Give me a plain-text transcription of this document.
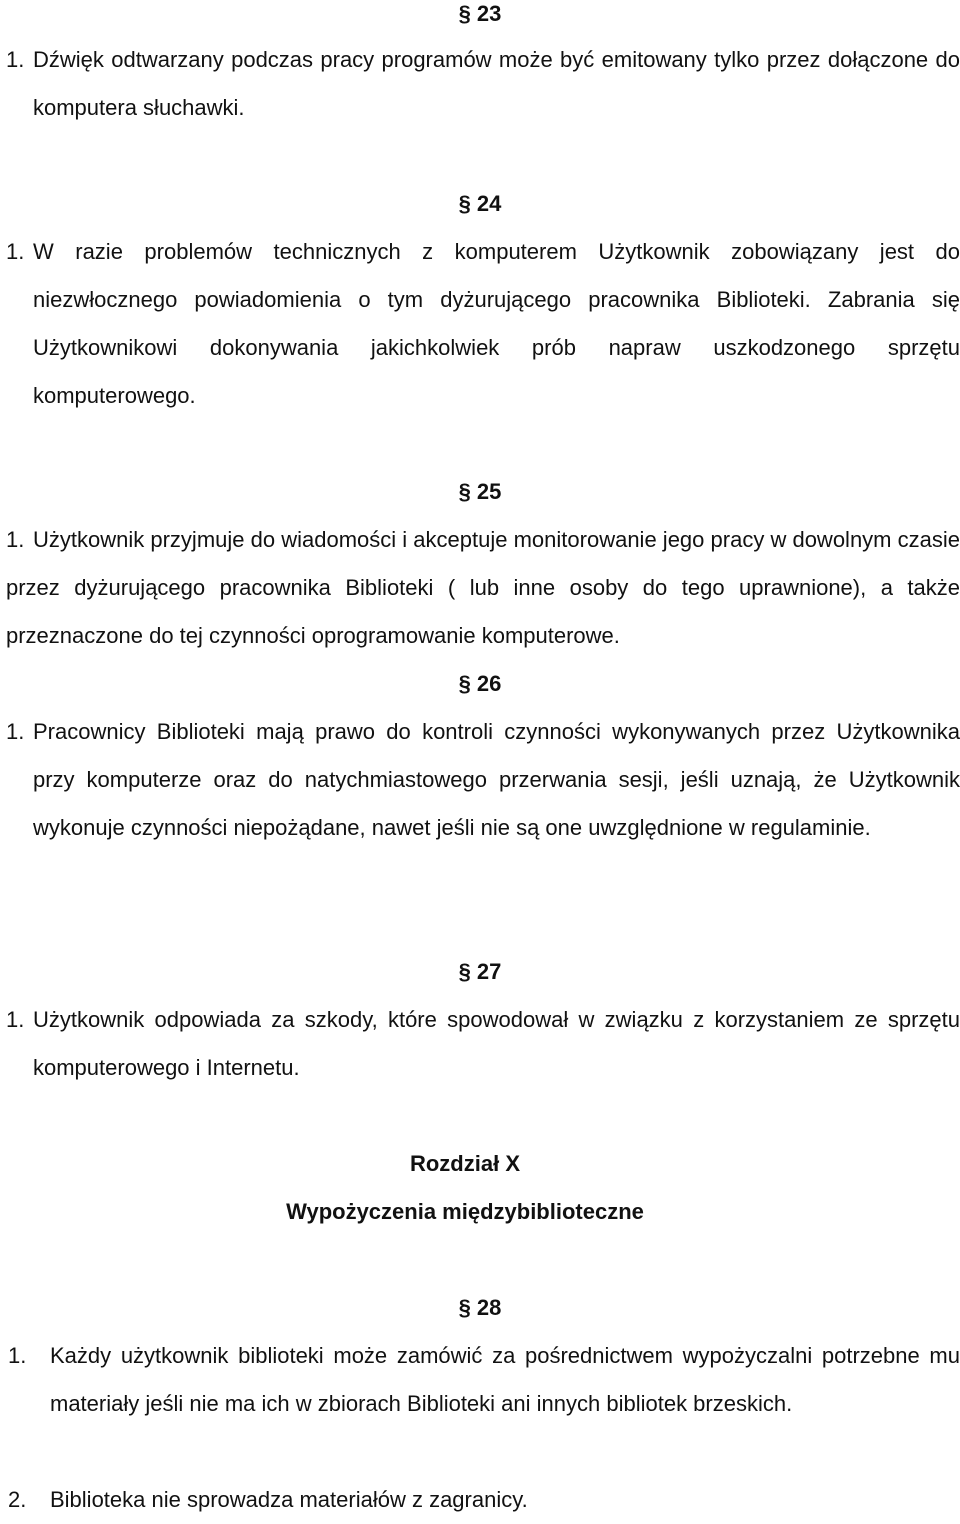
§ 23
1. Dźwięk odtwarzany podczas pracy programów może być emitowany tylko przez dołączone do komputera słuchawki.
§ 24
1. W razie problemów technicznych z komputerem Użytkownik zobowiązany jest do niezwłocznego powiadomienia o tym dyżurującego pracownika Biblioteki. Zabrania się Użytkownikowi dokonywania jakichkolwiek prób napraw uszkodzonego sprzętu komputerowego.
§ 25
1. Użytkownik przyjmuje do wiadomości i akceptuje monitorowanie jego pracy w dowolnym czasie przez dyżurującego pracownika Biblioteki ( lub inne osoby do tego uprawnione), a także przeznaczone do tej czynności oprogramowanie komputerowe.
§ 26
1. Pracownicy Biblioteki mają prawo do kontroli czynności wykonywanych przez Użytkownika przy komputerze oraz do natychmiastowego przerwania sesji, jeśli uznają, że Użytkownik wykonuje czynności niepożądane, nawet jeśli nie są one uwzględnione w regulaminie.
§ 27
1. Użytkownik odpowiada za szkody, które spowodował w związku z korzystaniem ze sprzętu komputerowego i Internetu.
Rozdział X
Wypożyczenia międzybiblioteczne
§ 28
1. Każdy użytkownik biblioteki może zamówić za pośrednictwem wypożyczalni potrzebne mu materiały jeśli nie ma ich w zbiorach Biblioteki ani innych bibliotek brzeskich.
2. Biblioteka nie sprowadza materiałów z zagranicy.
